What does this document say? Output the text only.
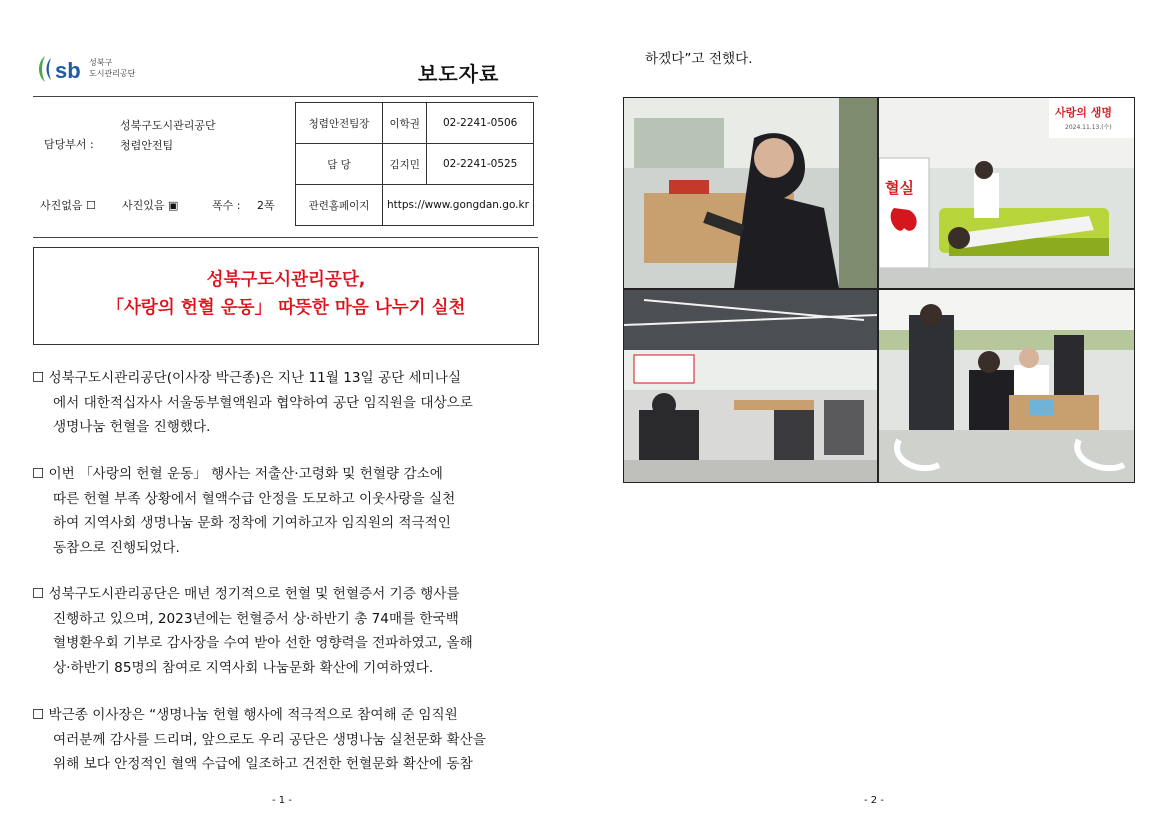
sb 성북구
도시관리공단	보도자료
성북구도시관리공단
담당부서 : 청렴안전팀
사진없음 ☐ 사진있음 ▣	폭수 : 2폭
청렴안전팀장	이학권	02-2241-0506
담 당	김지민	02-2241-0525
관련홈페이지	https://www.gongdan.go.kr	
성북구도시관리공단,
「사랑의 헌혈 운동」 따뜻한 마음 나누기 실천
☐ 성북구도시관리공단(이사장 박근종)은 지난 11월 13일 공단 세미나실
에서 대한적십자사 서울동부혈액원과 협약하여 공단 임직원을 대상으로
생명나눔 헌혈을 진행했다.
☐ 이번 「사랑의 헌혈 운동」 행사는 저출산·고령화 및 헌혈량 감소에
따른 헌혈 부족 상황에서 혈액수급 안정을 도모하고 이웃사랑을 실천
하여 지역사회 생명나눔 문화 정착에 기여하고자 임직원의 적극적인
동참으로 진행되었다.
☐ 성북구도시관리공단은 매년 정기적으로 헌혈 및 헌혈증서 기증 행사를
진행하고 있으며, 2023년에는 헌혈증서 상·하반기 총 74매를 한국백
혈병환우회 기부로 감사장을 수여 받아 선한 영향력을 전파하였고, 올해
상·하반기 85명의 참여로 지역사회 나눔문화 확산에 기여하였다.
☐ 박근종 이사장은 “생명나눔 헌혈 행사에 적극적으로 참여해 준 임직원
여러분께 감사를 드리며, 앞으로도 우리 공단은 생명나눔 실천문화 확산을
위해 보다 안정적인 혈액 수급에 일조하고 건전한 헌혈문화 확산에 동참
- 1 -
하겠다”고 전했다.
혈실
사랑의 생명
2024.11.13.(수)
- 2 -
